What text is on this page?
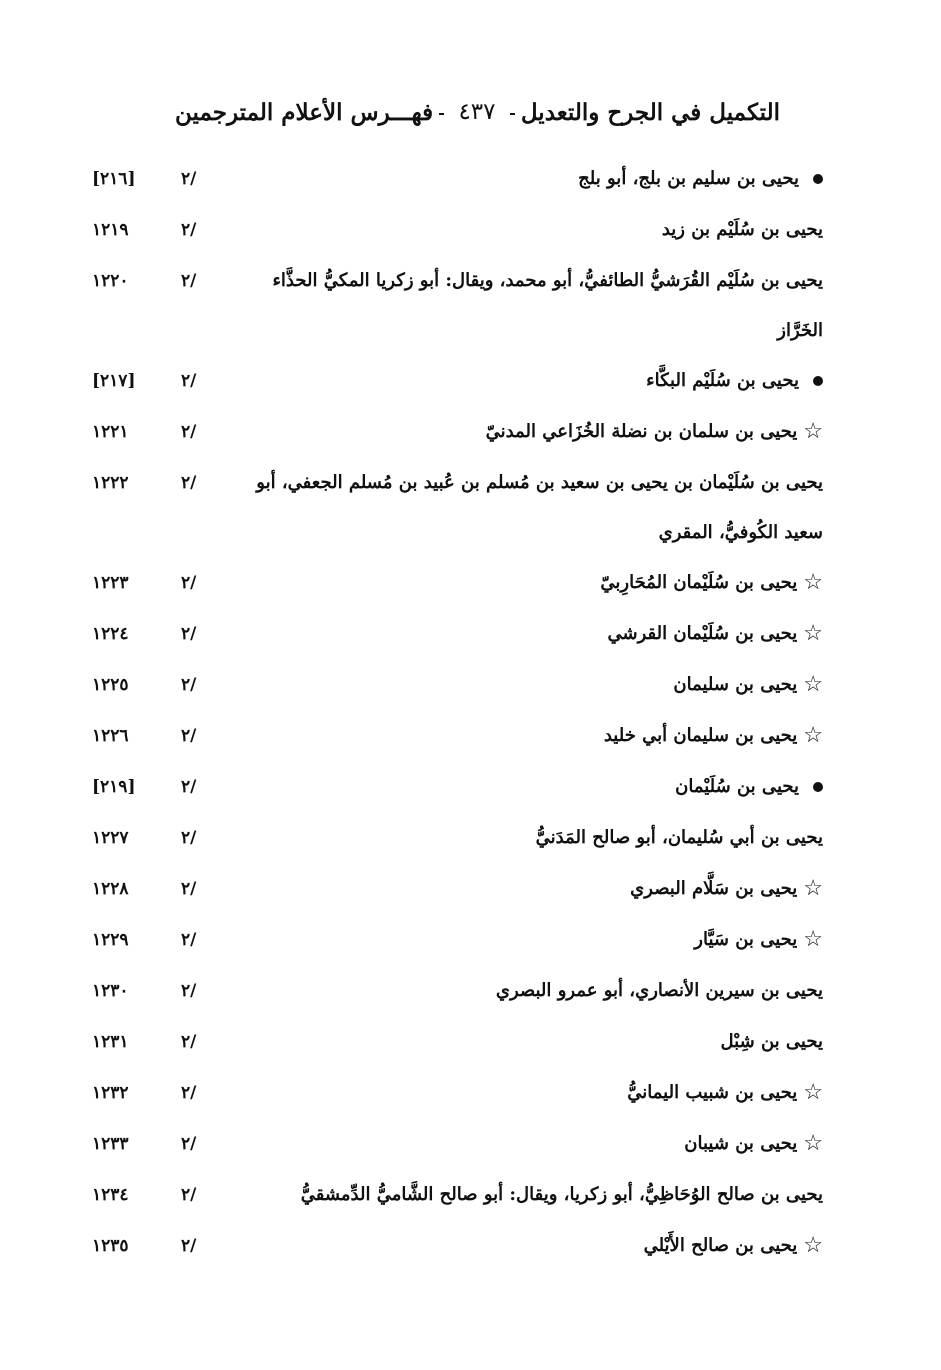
التكميل في الجرح والتعديل
٤٣٧
فهـــرس الأعلام المترجمين
يحيى بن سليم بن بلج، أبو بلج
٢/
[٢١٦]
يحيى بن سُلَيْم بن زيد
٢/
١٢١٩
يحيى بن سُلَيْم القُرَشيُّ الطائفيُّ، أبو محمد، ويقال: أبو زكريا المكيُّ الحذَّاء الخَرَّاز
٢/
١٢٢٠
يحيى بن سُلَيْم البكَّاء
٢/
[٢١٧]
☆
يحيى بن سلمان بن نضلة الخُزَاعي المدنيّ
٢/
١٢٢١
يحيى بن سُلَيْمان بن يحيى بن سعيد بن مُسلم بن عُبيد بن مُسلم الجعفي، أبو سعيد الكُوفيُّ، المقري
٢/
١٢٢٢
☆
يحيى بن سُلَيْمان المُحَارِبيّ
٢/
١٢٢٣
☆
يحيى بن سُلَيْمان القرشي
٢/
١٢٢٤
☆
يحيى بن سليمان
٢/
١٢٢٥
☆
يحيى بن سليمان أبي خليد
٢/
١٢٢٦
يحيى بن سُلَيْمان
٢/
[٢١٩]
يحيى بن أبي سُليمان، أبو صالح المَدَنيُّ
٢/
١٢٢٧
☆
يحيى بن سَلَّام البصري
٢/
١٢٢٨
☆
يحيى بن سَيَّار
٢/
١٢٢٩
يحيى بن سيرين الأنصاري، أبو عمرو البصري
٢/
١٢٣٠
يحيى بن شِبْل
٢/
١٢٣١
☆
يحيى بن شبيب اليمانيُّ
٢/
١٢٣٢
☆
يحيى بن شيبان
٢/
١٢٣٣
يحيى بن صالح الوُحَاظِيُّ، أبو زكريا، ويقال: أبو صالح الشَّاميُّ الدِّمشقيُّ
٢/
١٢٣٤
☆
يحيى بن صالح الأَيْلي
٢/
١٢٣٥
